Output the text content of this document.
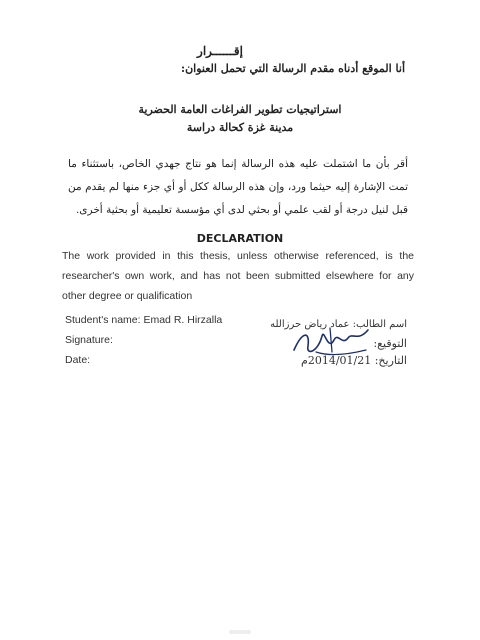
إقــــــرار
أنا الموقع أدناه مقدم الرسالة التي تحمل العنوان:
استراتيجيات تطوير الفراغات العامة الحضرية
مدينة غزة كحالة دراسة
أقر بأن ما اشتملت عليه هذه الرسالة إنما هو نتاج جهدي الخاص، باستثناء ما تمت الإشارة إليه حيثما ورد، وإن هذه الرسالة ككل أو أي جزء منها لم يقدم من قبل لنيل درجة أو لقب علمي أو بحثي لدى أي مؤسسة تعليمية أو بحثية أخرى.
DECLARATION
The work provided in this thesis, unless otherwise referenced, is the researcher's own work, and has not been submitted elsewhere for any other degree or qualification
Student's name: Emad R. Hirzalla
Signature:
Date:
اسم الطالب: عماد رياض حرزالله
التوقيع:
التاريخ: 2014/01/21م
